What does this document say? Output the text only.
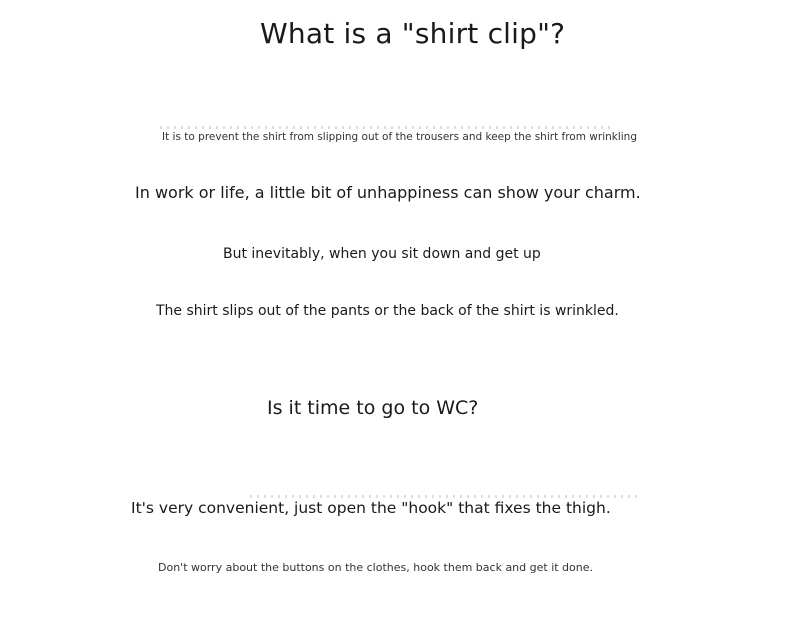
What is a "shirt clip"?
It is to prevent the shirt from slipping out of the trousers and keep the shirt from wrinkling
In work or life, a little bit of unhappiness can show your charm.
But inevitably, when you sit down and get up
The shirt slips out of the pants or the back of the shirt is wrinkled.
Is it time to go to WC?
It's very convenient, just open the "hook" that fixes the thigh.
Don't worry about the buttons on the clothes, hook them back and get it done.
